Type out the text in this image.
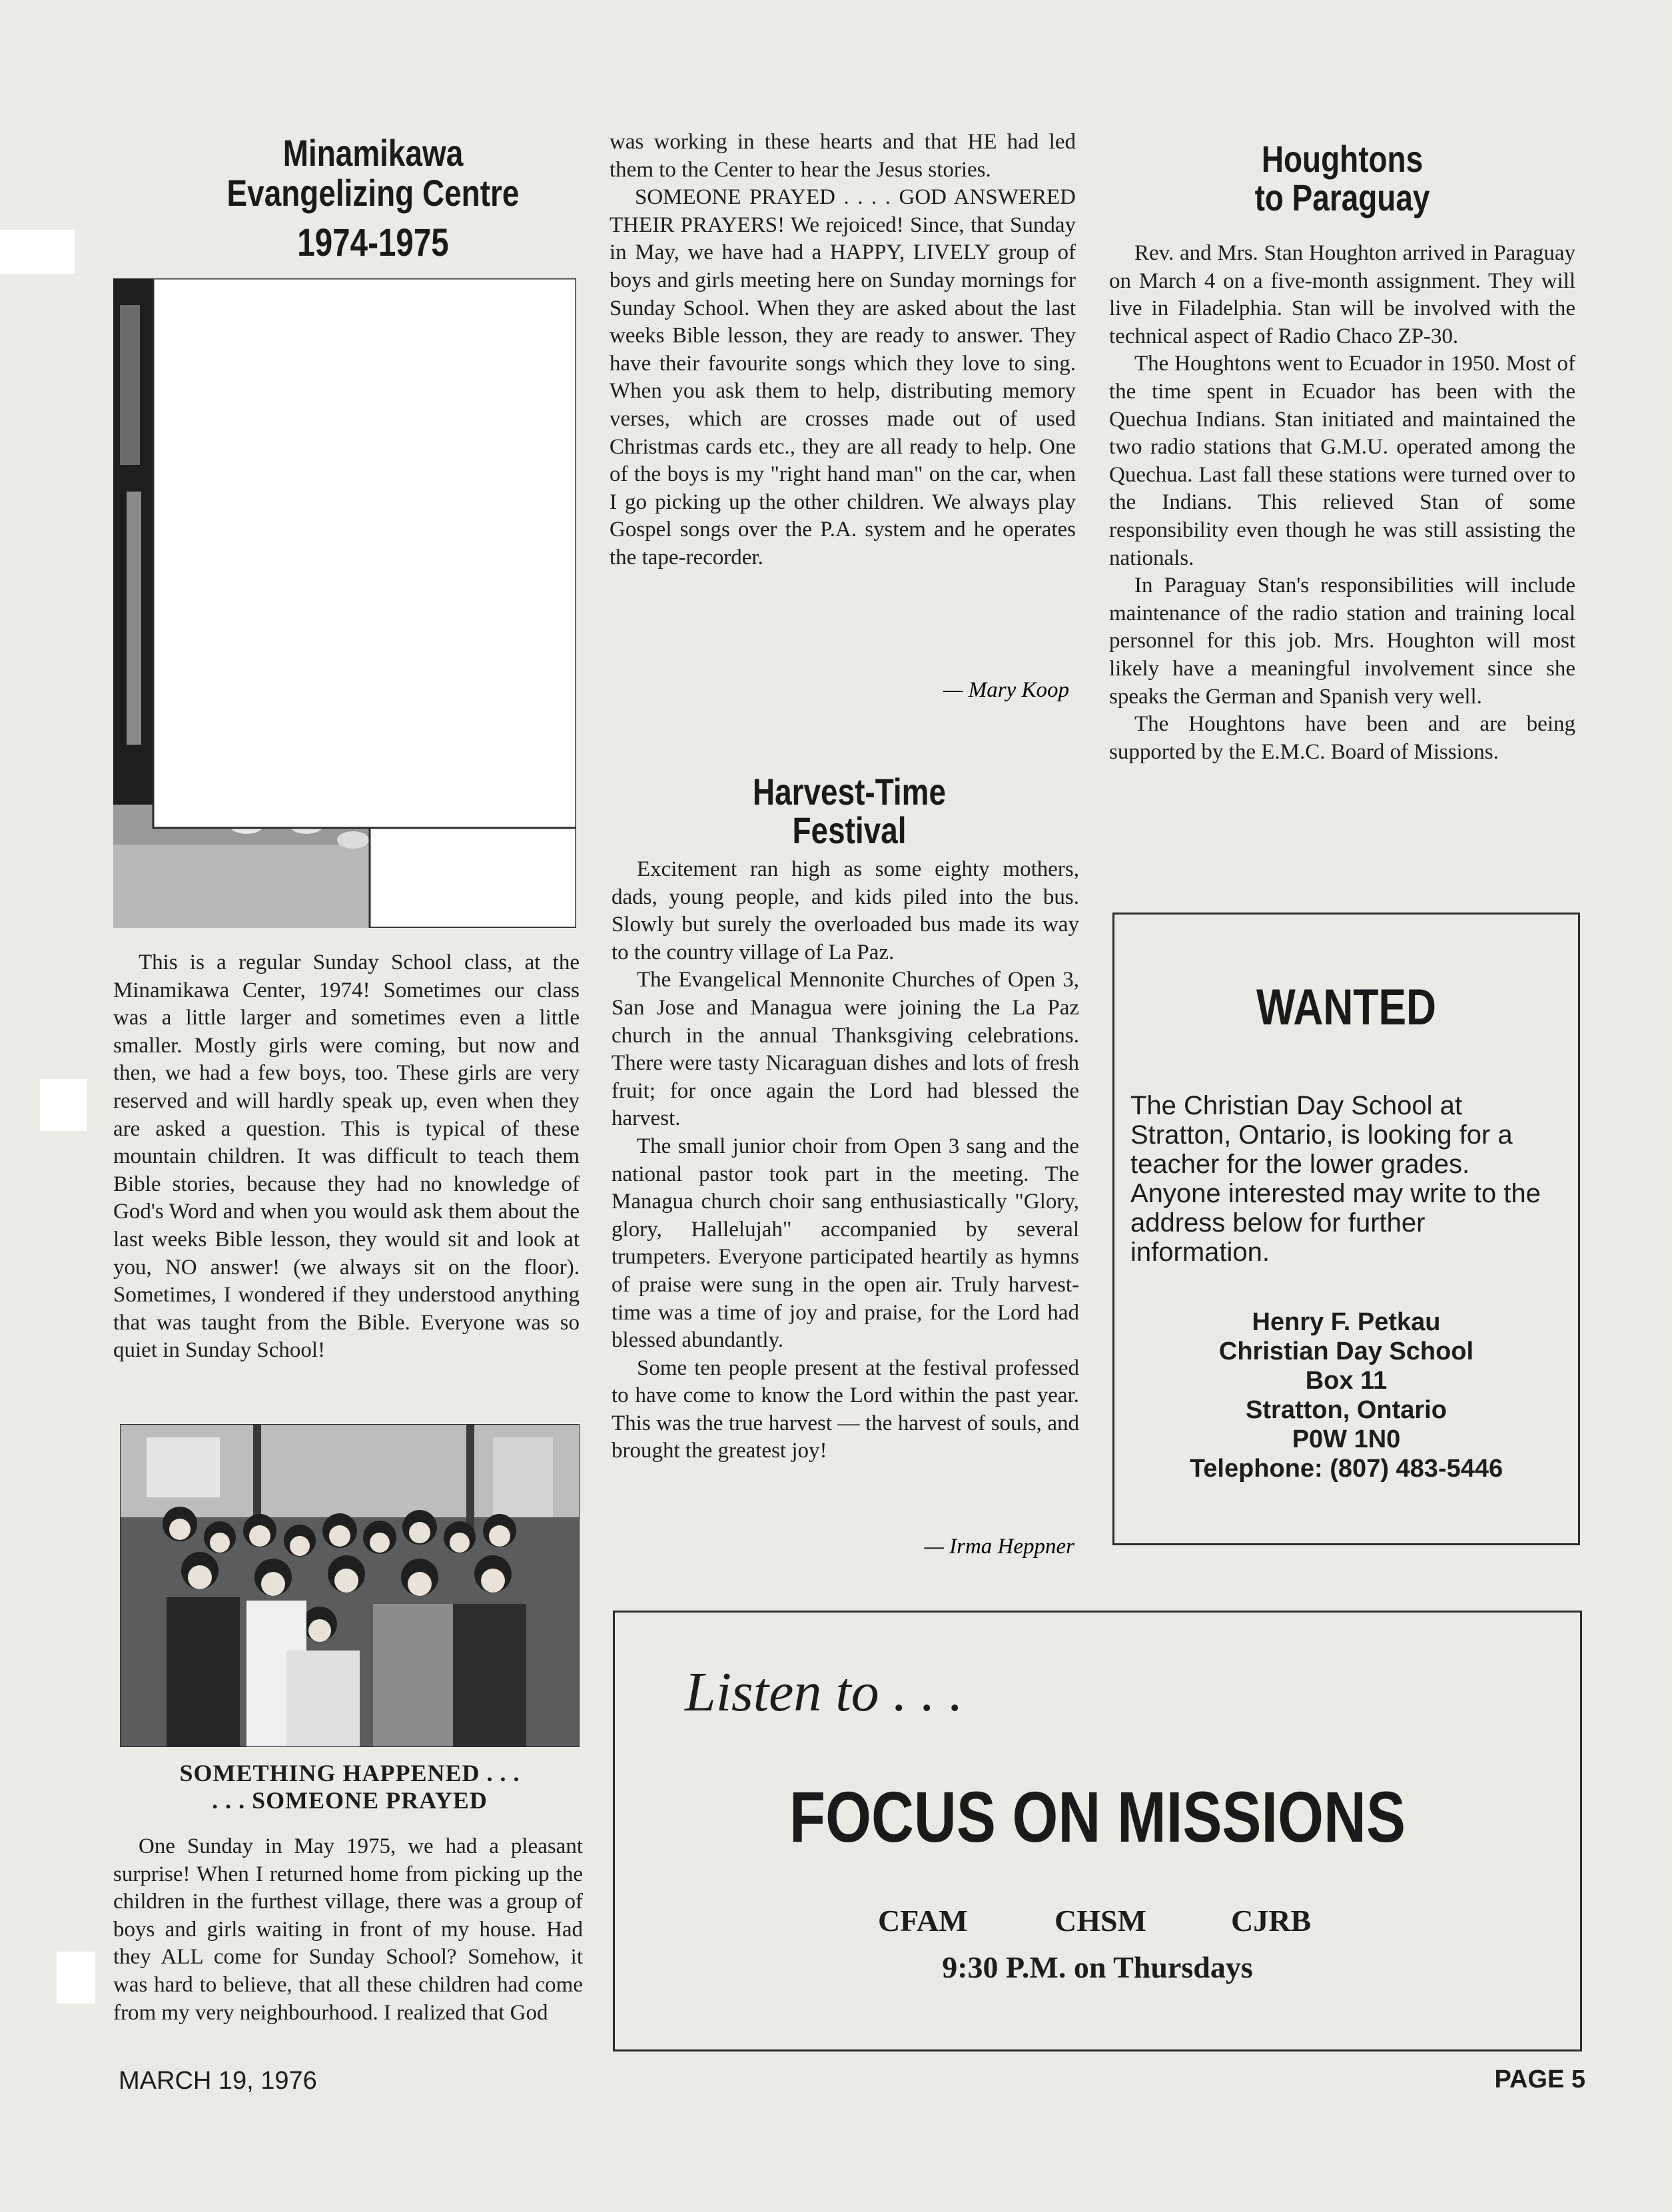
Minamikawa
Evangelizing Centre
1974-1975

This is a regular Sunday School class, at the Minamikawa Center, 1974! Sometimes our class was a little larger and sometimes even a little smaller. Mostly girls were coming, but now and then, we had a few boys, too. These girls are very reserved and will hardly speak up, even when they are asked a question. This is typical of these mountain children. It was difficult to teach them Bible stories, because they had no knowledge of God's Word and when you would ask them about the last weeks Bible lesson, they would sit and look at you, NO answer! (we always sit on the floor). Sometimes, I wondered if they understood anything that was taught from the Bible. Everyone was so quiet in Sunday School!

SOMETHING HAPPENED . . .
. . . SOMEONE PRAYED

One Sunday in May 1975, we had a pleasant surprise! When I returned home from picking up the children in the furthest village, there was a group of boys and girls waiting in front of my house. Had they ALL come for Sunday School? Somehow, it was hard to believe, that all these children had come from my very neighbourhood. I realized that God

was working in these hearts and that HE had led them to the Center to hear the Jesus stories.

SOMEONE PRAYED . . . . GOD ANSWERED THEIR PRAYERS! We rejoiced! Since, that Sunday in May, we have had a HAPPY, LIVELY group of boys and girls meeting here on Sunday mornings for Sunday School. When they are asked about the last weeks Bible lesson, they are ready to answer. They have their favourite songs which they love to sing. When you ask them to help, distributing memory verses, which are crosses made out of used Christmas cards etc., they are all ready to help. One of the boys is my "right hand man" on the car, when I go picking up the other children. We always play Gospel songs over the P.A. system and he operates the tape-recorder.

— Mary Koop
Harvest-Time
Festival

Excitement ran high as some eighty mothers, dads, young people, and kids piled into the bus. Slowly but surely the overloaded bus made its way to the country village of La Paz.

The Evangelical Mennonite Churches of Open 3, San Jose and Managua were joining the La Paz church in the annual Thanksgiving celebrations. There were tasty Nicaraguan dishes and lots of fresh fruit; for once again the Lord had blessed the harvest.

The small junior choir from Open 3 sang and the national pastor took part in the meeting. The Managua church choir sang enthusiastically "Glory, glory, Hallelujah" accompanied by several trumpeters. Everyone participated heartily as hymns of praise were sung in the open air. Truly harvest-time was a time of joy and praise, for the Lord had blessed abundantly.

Some ten people present at the festival professed to have come to know the Lord within the past year. This was the true harvest — the harvest of souls, and brought the greatest joy!

— Irma Heppner
Houghtons
to Paraguay

Rev. and Mrs. Stan Houghton arrived in Paraguay on March 4 on a five-month assignment. They will live in Filadelphia. Stan will be involved with the technical aspect of Radio Chaco ZP-30.

The Houghtons went to Ecuador in 1950. Most of the time spent in Ecuador has been with the Quechua Indians. Stan initiated and maintained the two radio stations that G.M.U. operated among the Quechua. Last fall these stations were turned over to the Indians. This relieved Stan of some responsibility even though he was still assisting the nationals.

In Paraguay Stan's responsibilities will include maintenance of the radio station and training local personnel for this job. Mrs. Houghton will most likely have a meaningful involvement since she speaks the German and Spanish very well.

The Houghtons have been and are being supported by the E.M.C. Board of Missions.

WANTED
The Christian Day School at Stratton, Ontario, is looking for a teacher for the lower grades. Anyone interested may write to the address below for further information.
Henry F. Petkau
Christian Day School
Box 11
Stratton, Ontario
P0W 1N0
Telephone: (807) 483-5446
Listen to . . .
FOCUS ON MISSIONS
CFAM	CHSM	CJRB
9:30 P.M. on Thursdays
MARCH 19, 1976	PAGE 5
